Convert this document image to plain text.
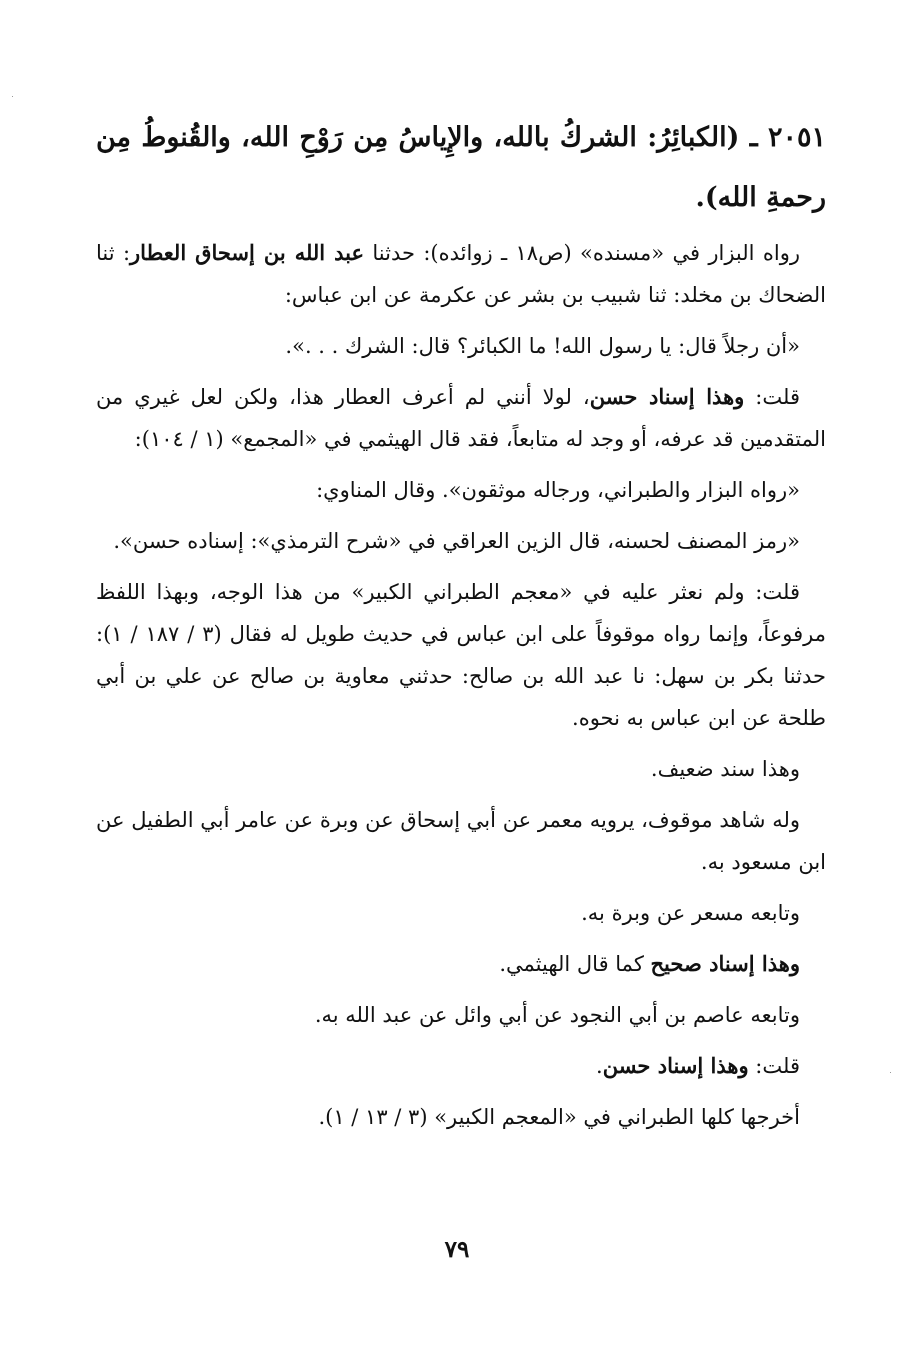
٢٠٥١ ـ (الكبائِرُ: الشركُ بالله، والإِياسُ مِن رَوْحِ الله، والقُنوطُ مِن رحمةِ الله).

رواه البزار في «مسنده» (ص١٨ ـ زوائده): حدثنا عبد الله بن إسحاق العطار: ثنا الضحاك بن مخلد: ثنا شبيب بن بشر عن عكرمة عن ابن عباس:

«أن رجلاً قال: يا رسول الله! ما الكبائر؟ قال: الشرك . . .».

قلت: وهذا إسناد حسن، لولا أنني لم أعرف العطار هذا، ولكن لعل غيري من المتقدمين قد عرفه، أو وجد له متابعاً، فقد قال الهيثمي في «المجمع» (١ / ١٠٤):

«رواه البزار والطبراني، ورجاله موثقون». وقال المناوي:

«رمز المصنف لحسنه، قال الزين العراقي في «شرح الترمذي»: إسناده حسن».

قلت: ولم نعثر عليه في «معجم الطبراني الكبير» من هذا الوجه، وبهذا اللفظ مرفوعاً، وإنما رواه موقوفاً على ابن عباس في حديث طويل له فقال (٣ / ١٨٧ / ١): حدثنا بكر بن سهل: نا عبد الله بن صالح: حدثني معاوية بن صالح عن علي بن أبي طلحة عن ابن عباس به نحوه.

وهذا سند ضعيف.

وله شاهد موقوف، يرويه معمر عن أبي إسحاق عن وبرة عن عامر أبي الطفيل عن ابن مسعود به.

وتابعه مسعر عن وبرة به.

وهذا إسناد صحيح كما قال الهيثمي.

وتابعه عاصم بن أبي النجود عن أبي وائل عن عبد الله به.

قلت: وهذا إسناد حسن.

أخرجها كلها الطبراني في «المعجم الكبير» (٣ / ١٣ / ١).

٧٩
